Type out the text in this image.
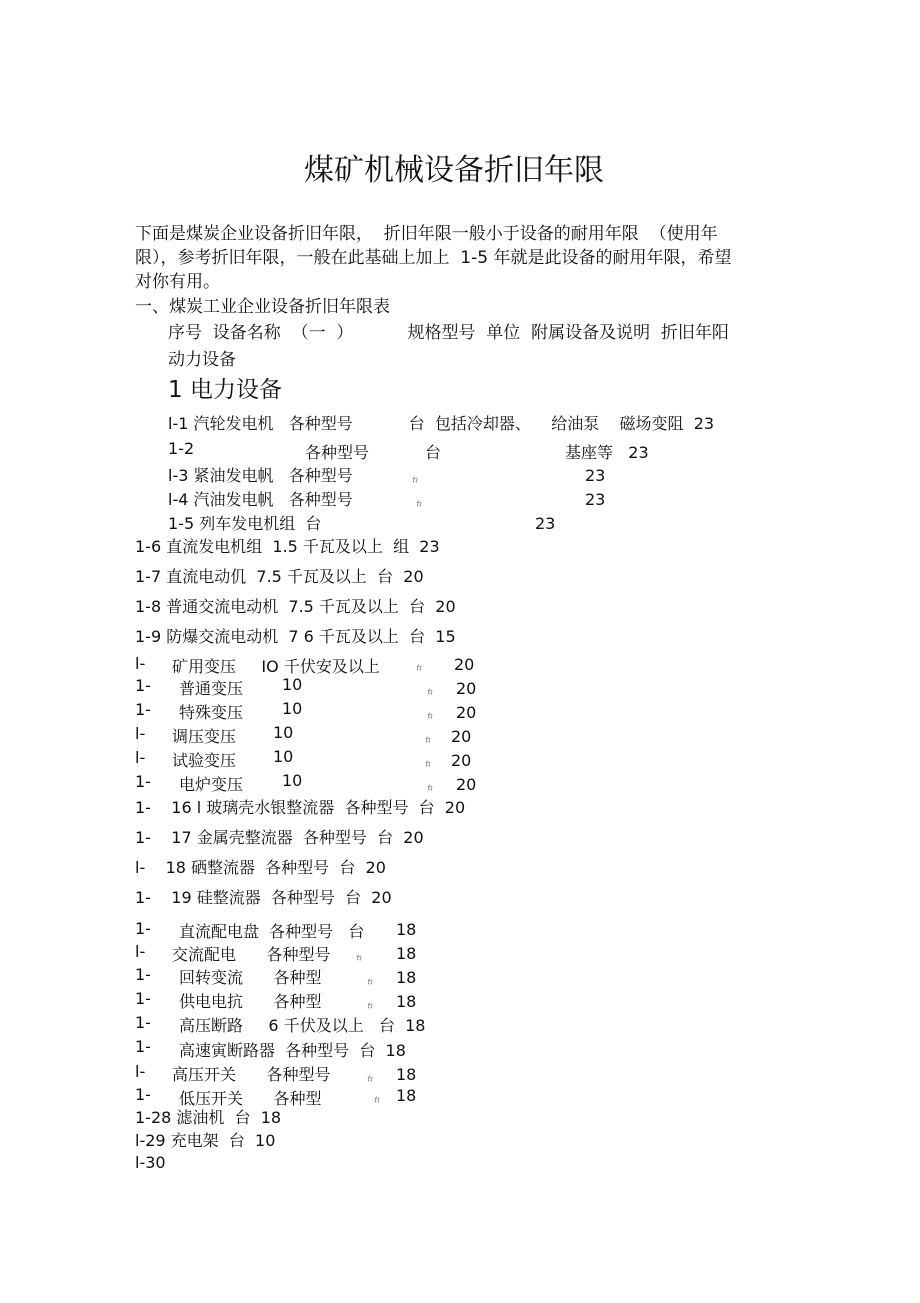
煤矿机械设备折旧年限
下面是煤炭企业设备折旧年限，  折旧年限一般小于设备的耐用年限  （使用年
限），参考折旧年限，一般在此基础上加上  1-5 年就是此设备的耐用年限，希望
对你有用。
一、煤炭工业企业设备折旧年限表
序号  设备名称  （一  ）          规格型号  单位  附属设备及说明  折旧年阳
动力设备
1 电力设备
l-1 汽轮发电机   各种型号           台  包括冷却器、    给油泵    磁场变阻  23
1-2	各种型号           台	基座等   23
l-3 紧油发电帆   各种型号	台	23
l-4 汽油发电帆   各种型号	台	23
1-5 列车发电机组  台	23
1-6 直流发电机组  1.5 千瓦及以上  组  23
1-7 直流电动仉  7.5 千瓦及以上  台  20
1-8 普通交流电动机  7.5 千瓦及以上  台  20
1-9 防爆交流电动机  7 6 千瓦及以上  台  15
l- 矿用变压     IO 千伏安及以上	台 20
1- 普通变压 10	台 20
1- 特殊变压 10	台 20
l- 调压变压 10	台 20
l- 试验变压 10	台 20
1- 电炉变压 10	台 20
1-    16 l 玻璃壳水银整流器  各种型号  台  20
1-    17 金属壳整流器  各种型号  台  20
l-    18 硒整流器  各种型号  台  20
1-    19 硅整流器  各种型号  台  20
1- 直流配电盘  各种型号   台 18
l- 交流配电      各种型号	台 18
1- 回转变流      各种型	台 18
1- 供电电抗      各种型	台 18
1- 高压断路     6 千伏及以上   台  18
1- 高速寅断路器  各种型号  台  18
l- 高压开关      各种型号	台 18
1- 低压开关      各种型	台 18
1-28 滤油机  台  18
l-29 充电架  台  10
l-30
